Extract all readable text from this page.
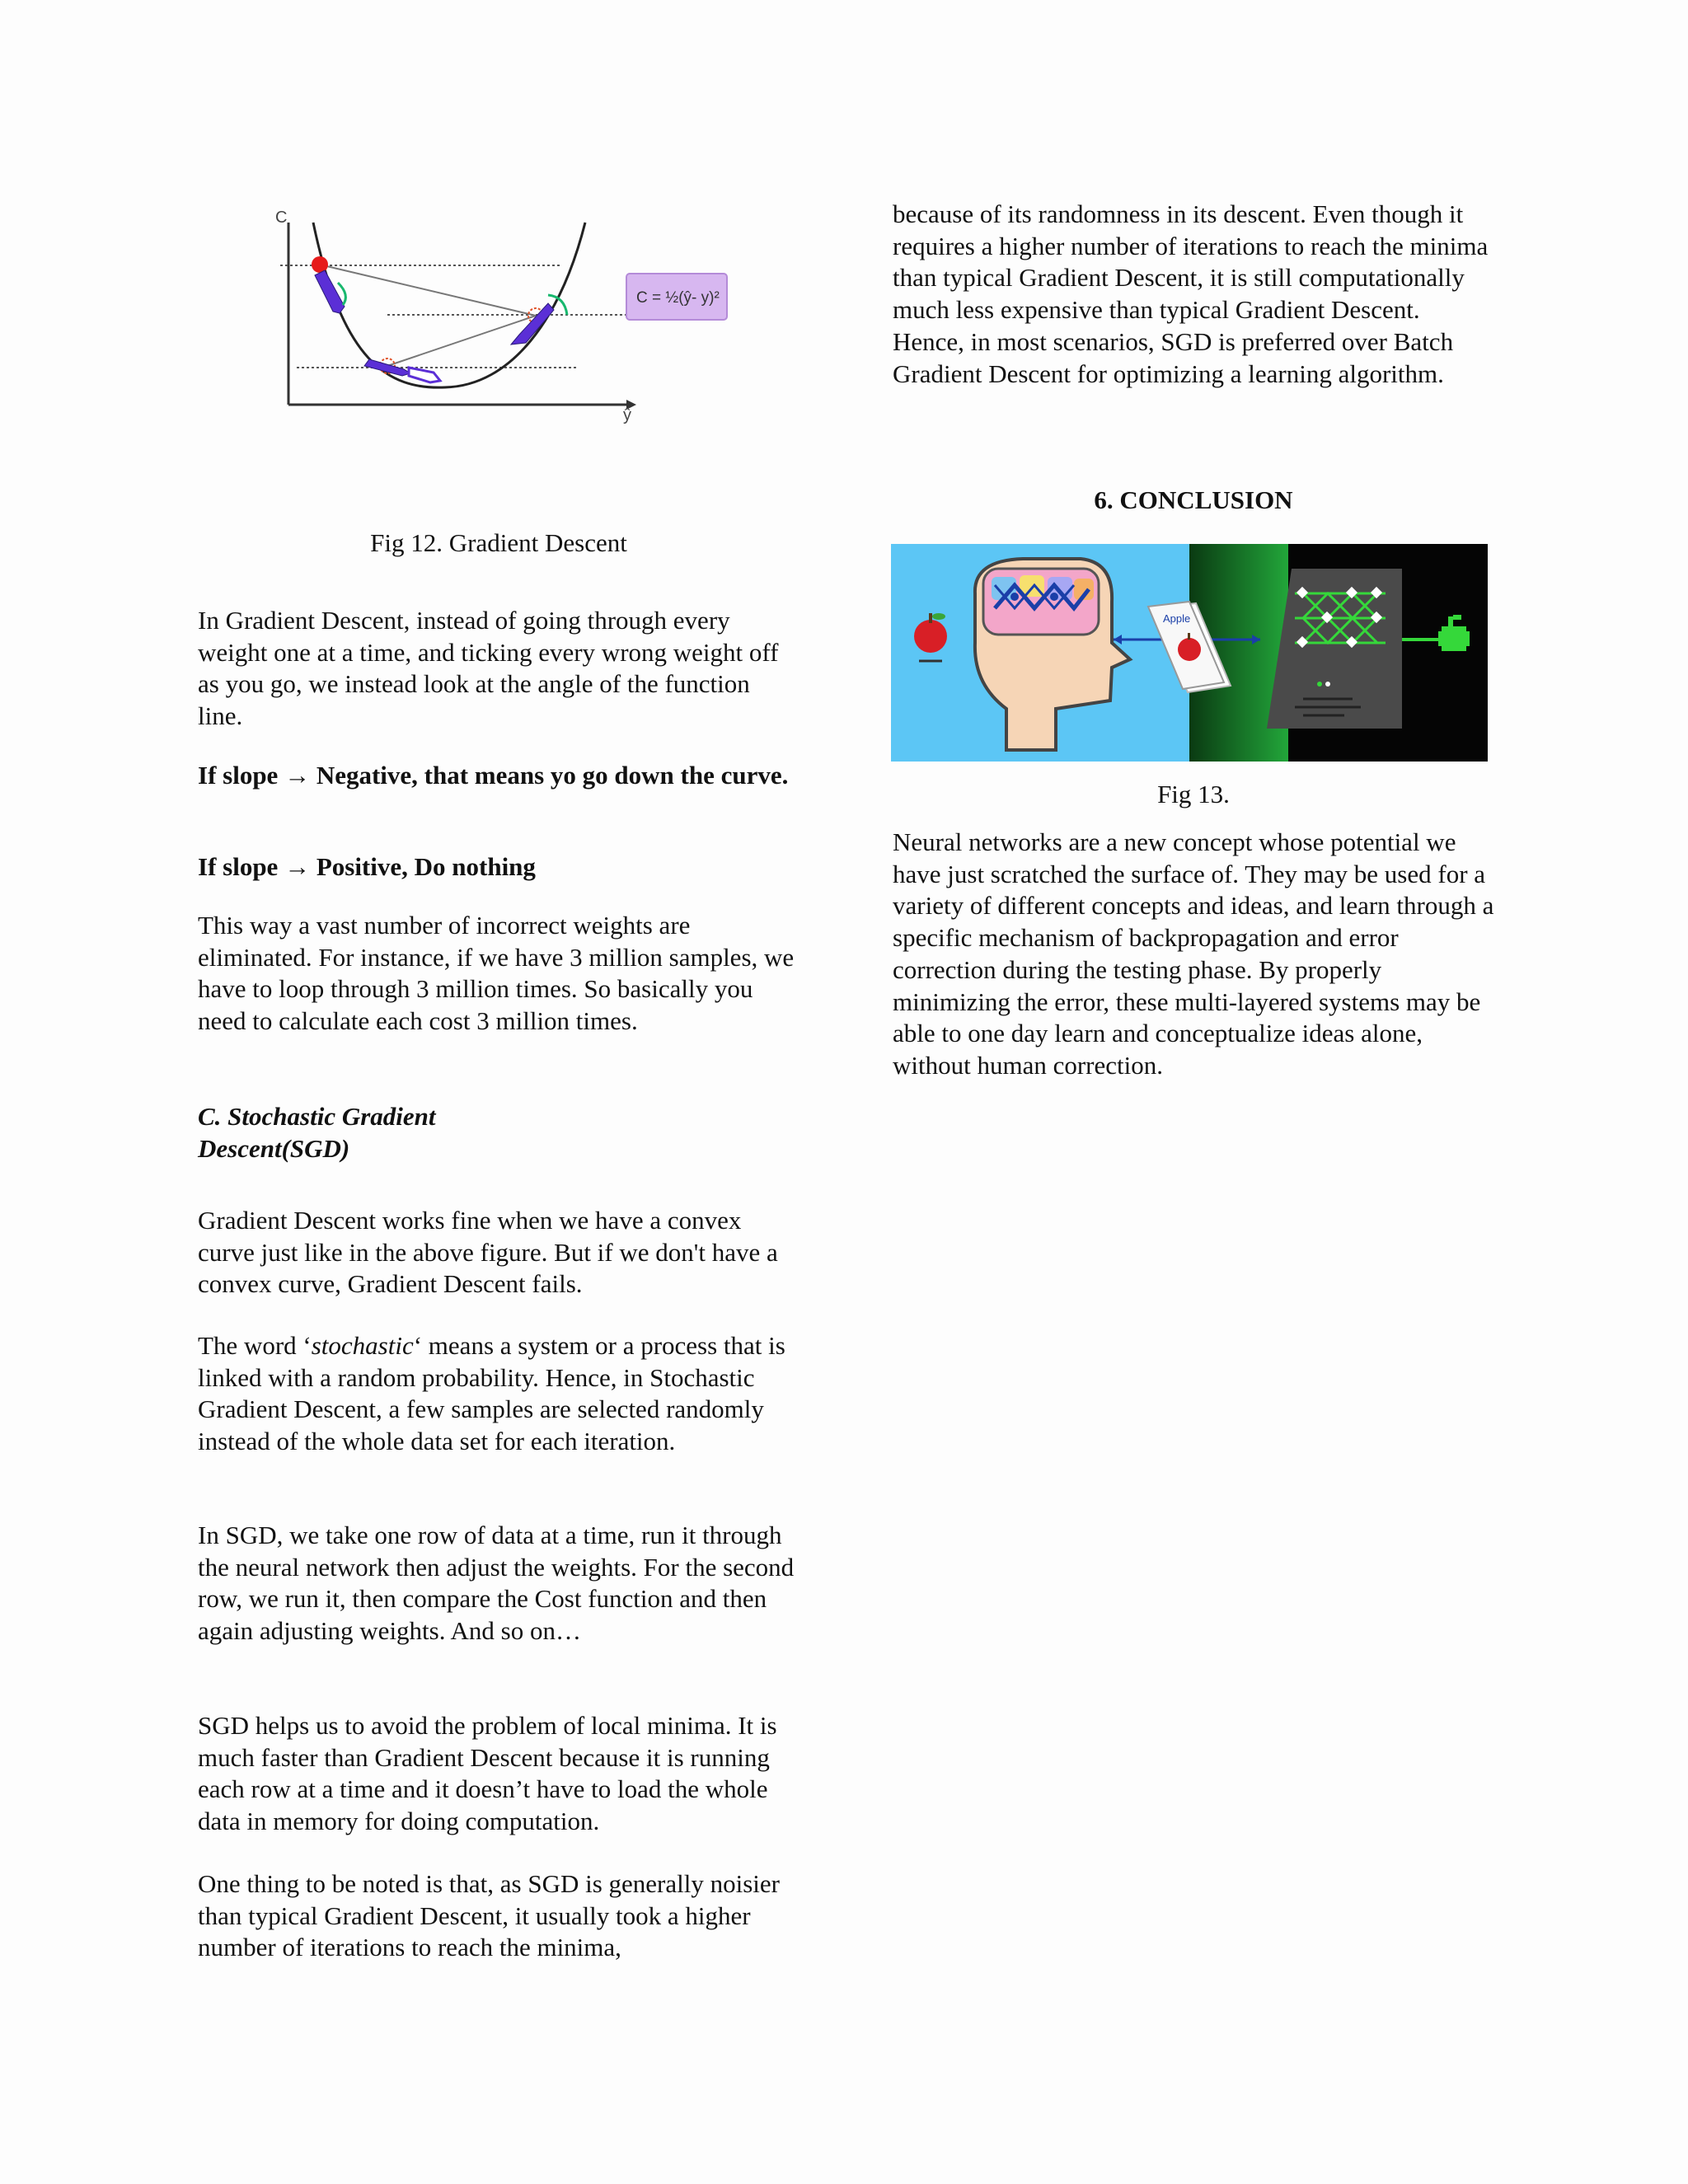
C
ŷ
C = ½(ŷ- y)²

Fig 12. Gradient Descent

In Gradient Descent, instead of going through every weight one at a time, and ticking every wrong weight off as you go, we instead look at the angle of the function line.

If slope → Negative, that means yo go down the curve.

If slope → Positive, Do nothing

This way a vast number of incorrect weights are eliminated. For instance, if we have 3 million samples, we have to loop through 3 million times. So basically you need to calculate each cost 3 million times.

C. Stochastic Gradient
Descent(SGD)

Gradient Descent works fine when we have a convex curve just like in the above figure. But if we don't have a convex curve, Gradient Descent fails.

The word ‘stochastic‘ means a system or a process that is linked with a random probability. Hence, in Stochastic Gradient Descent, a few samples are selected randomly instead of the whole data set for each iteration.

In SGD, we take one row of data at a time, run it through the neural network then adjust the weights. For the second row, we run it, then compare the Cost function and then again adjusting weights. And so on…

SGD helps us to avoid the problem of local minima. It is much faster than Gradient Descent because it is running each row at a time and it doesn’t have to load the whole data in memory for doing computation.

One thing to be noted is that, as SGD is generally noisier than typical Gradient Descent, it usually took a higher number of iterations to reach the minima,

because of its randomness in its descent. Even though it requires a higher number of iterations to reach the minima than typical Gradient Descent, it is still computationally much less expensive than typical Gradient Descent. Hence, in most scenarios, SGD is preferred over Batch Gradient Descent for optimizing a learning algorithm.

6. CONCLUSION

Apple

Fig 13.

Neural networks are a new concept whose potential we have just scratched the surface of. They may be used for a variety of different concepts and ideas, and learn through a specific mechanism of backpropagation and error correction during the testing phase. By properly minimizing the error, these multi-layered systems may be able to one day learn and conceptualize ideas alone, without human correction.
